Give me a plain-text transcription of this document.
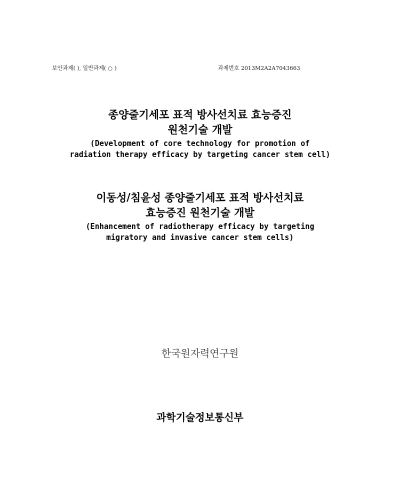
보안과제( ), 일반과제( ○ )	과제번호 2013M2A2A7043663

종양줄기세포 표적 방사선치료 효능증진

원천기술 개발

(Development of core technology for promotion of

radiation therapy efficacy by targeting cancer stem cell)

이동성/침윤성 종양줄기세포 표적 방사선치료

효능증진 원천기술 개발

(Enhancement of radiotherapy efficacy by targeting

migratory and invasive cancer stem cells)

한국원자력연구원
과학기술정보통신부
